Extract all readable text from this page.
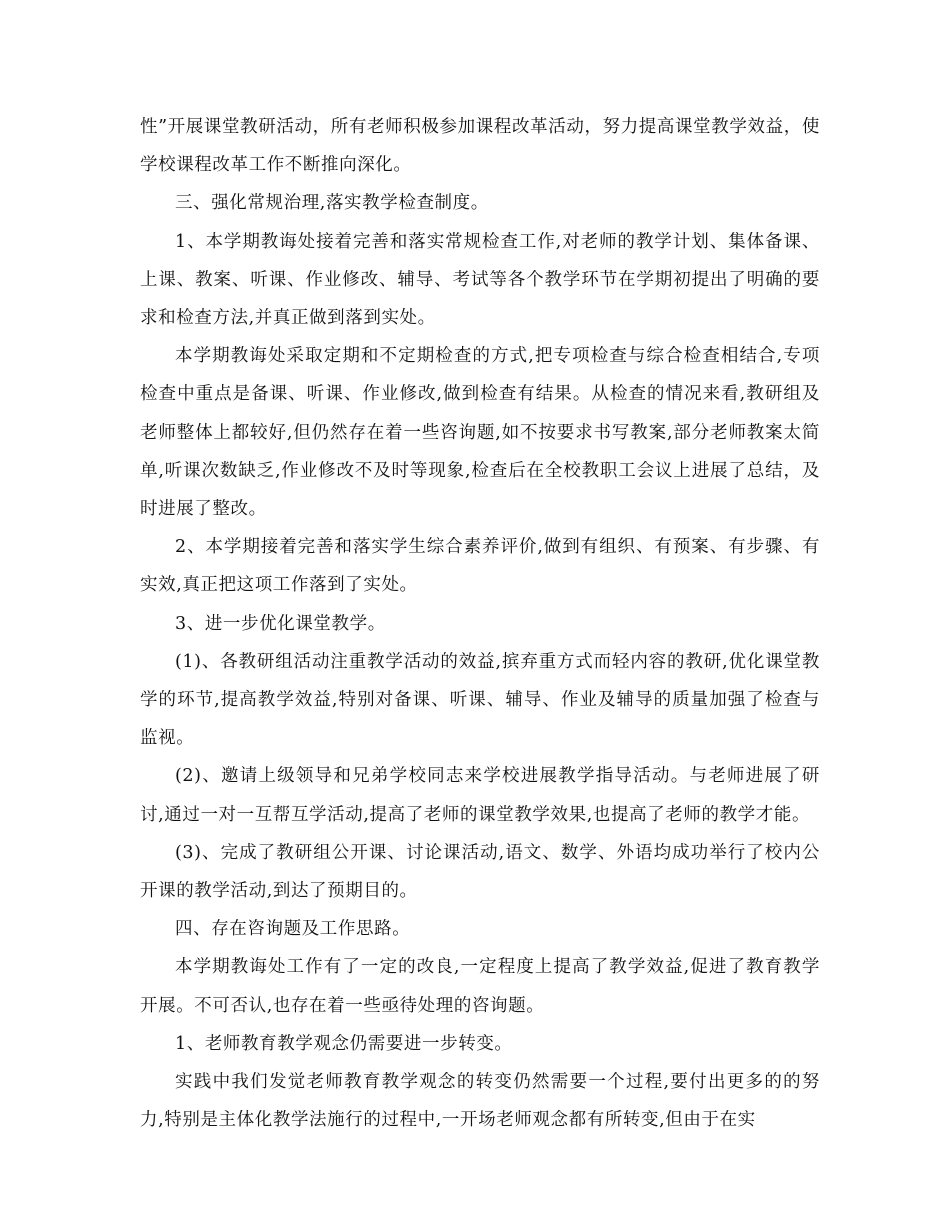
性”开展课堂教研活动，所有老师积极参加课程改革活动，努力提高课堂教学效益，使学校课程改革工作不断推向深化。

三、强化常规治理,落实教学检查制度。

1、本学期教诲处接着完善和落实常规检查工作,对老师的教学计划、集体备课、上课、教案、听课、作业修改、辅导、考试等各个教学环节在学期初提出了明确的要求和检查方法,并真正做到落到实处。

本学期教诲处采取定期和不定期检查的方式,把专项检查与综合检查相结合,专项检查中重点是备课、听课、作业修改,做到检查有结果。从检查的情况来看,教研组及老师整体上都较好,但仍然存在着一些咨询题,如不按要求书写教案,部分老师教案太简单,听课次数缺乏,作业修改不及时等现象,检查后在全校教职工会议上进展了总结，及时进展了整改。

2、本学期接着完善和落实学生综合素养评价,做到有组织、有预案、有步骤、有实效,真正把这项工作落到了实处。

3、进一步优化课堂教学。

(1)、各教研组活动注重教学活动的效益,摈弃重方式而轻内容的教研,优化课堂教学的环节,提高教学效益,特别对备课、听课、辅导、作业及辅导的质量加强了检查与监视。

(2)、邀请上级领导和兄弟学校同志来学校进展教学指导活动。与老师进展了研讨,通过一对一互帮互学活动,提高了老师的课堂教学效果,也提高了老师的教学才能。

(3)、完成了教研组公开课、讨论课活动,语文、数学、外语均成功举行了校内公开课的教学活动,到达了预期目的。

四、存在咨询题及工作思路。

本学期教诲处工作有了一定的改良,一定程度上提高了教学效益,促进了教育教学开展。不可否认,也存在着一些亟待处理的咨询题。

1、老师教育教学观念仍需要进一步转变。

实践中我们发觉老师教育教学观念的转变仍然需要一个过程,要付出更多的的努力,特别是主体化教学法施行的过程中,一开场老师观念都有所转变,但由于在实
